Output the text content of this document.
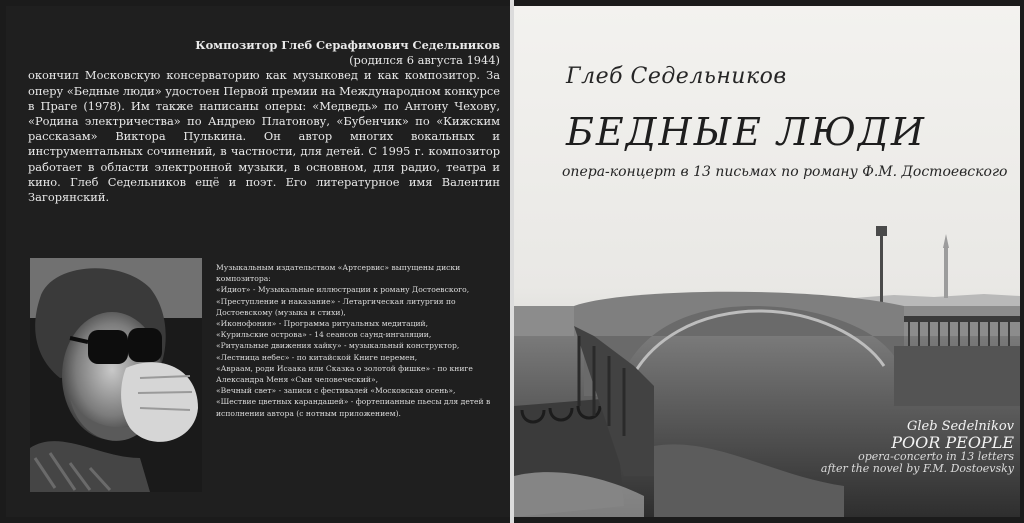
Композитор Глеб Серафимович Седельников
(родился 6 августа 1944)
окончил Московскую консерваторию как музыковед и как композитор. За оперу «Бедные люди» удостоен Первой премии на Международном конкурсе в Праге (1978). Им также написаны оперы: «Медведь» по Антону Чехову, «Родина электричества» по Андрею Платонову, «Бубенчик» по «Кижским рассказам» Виктора Пулькина. Он автор многих вокальных и инструментальных сочинений, в частности, для детей. С 1995 г. композитор работает в области электронной музыки, в основном, для радио, театра и кино. Глеб Седельников ещё и поэт. Его литературное имя Валентин Загорянский.

Музыкальным издательством «Артсервис» выпущены диски композитора:

«Идиот» - Музыкальные иллюстрации к роману Достоевского,

«Преступление и наказание» - Летаргическая литургия по Достоевскому (музыка и стихи),

«Иконофония» - Программа ритуальных медитаций,

«Курильские острова» - 14 сеансов саунд-ингаляции,

«Ритуальные движения хайку» - музыкальный конструктор,

«Лестница небес» - по китайской Книге перемен,

«Авраам, роди Исаака или Сказка о золотой фишке» - по книге Александра Меня «Сын человеческий»,

«Вечный свет» - записи с фестивалей «Московская осень»,

«Шествие цветных карандашей» - фортепианные пьесы для детей в исполнении автора (с нотным приложением).

Глеб Седельников
БЕДНЫЕ ЛЮДИ
опера-концерт в 13 письмах по роману Ф.М. Достоевского
Gleb Sedelnikov
POOR PEOPLE
opera-concerto in 13 letters
after the novel by F.M. Dostoevsky
